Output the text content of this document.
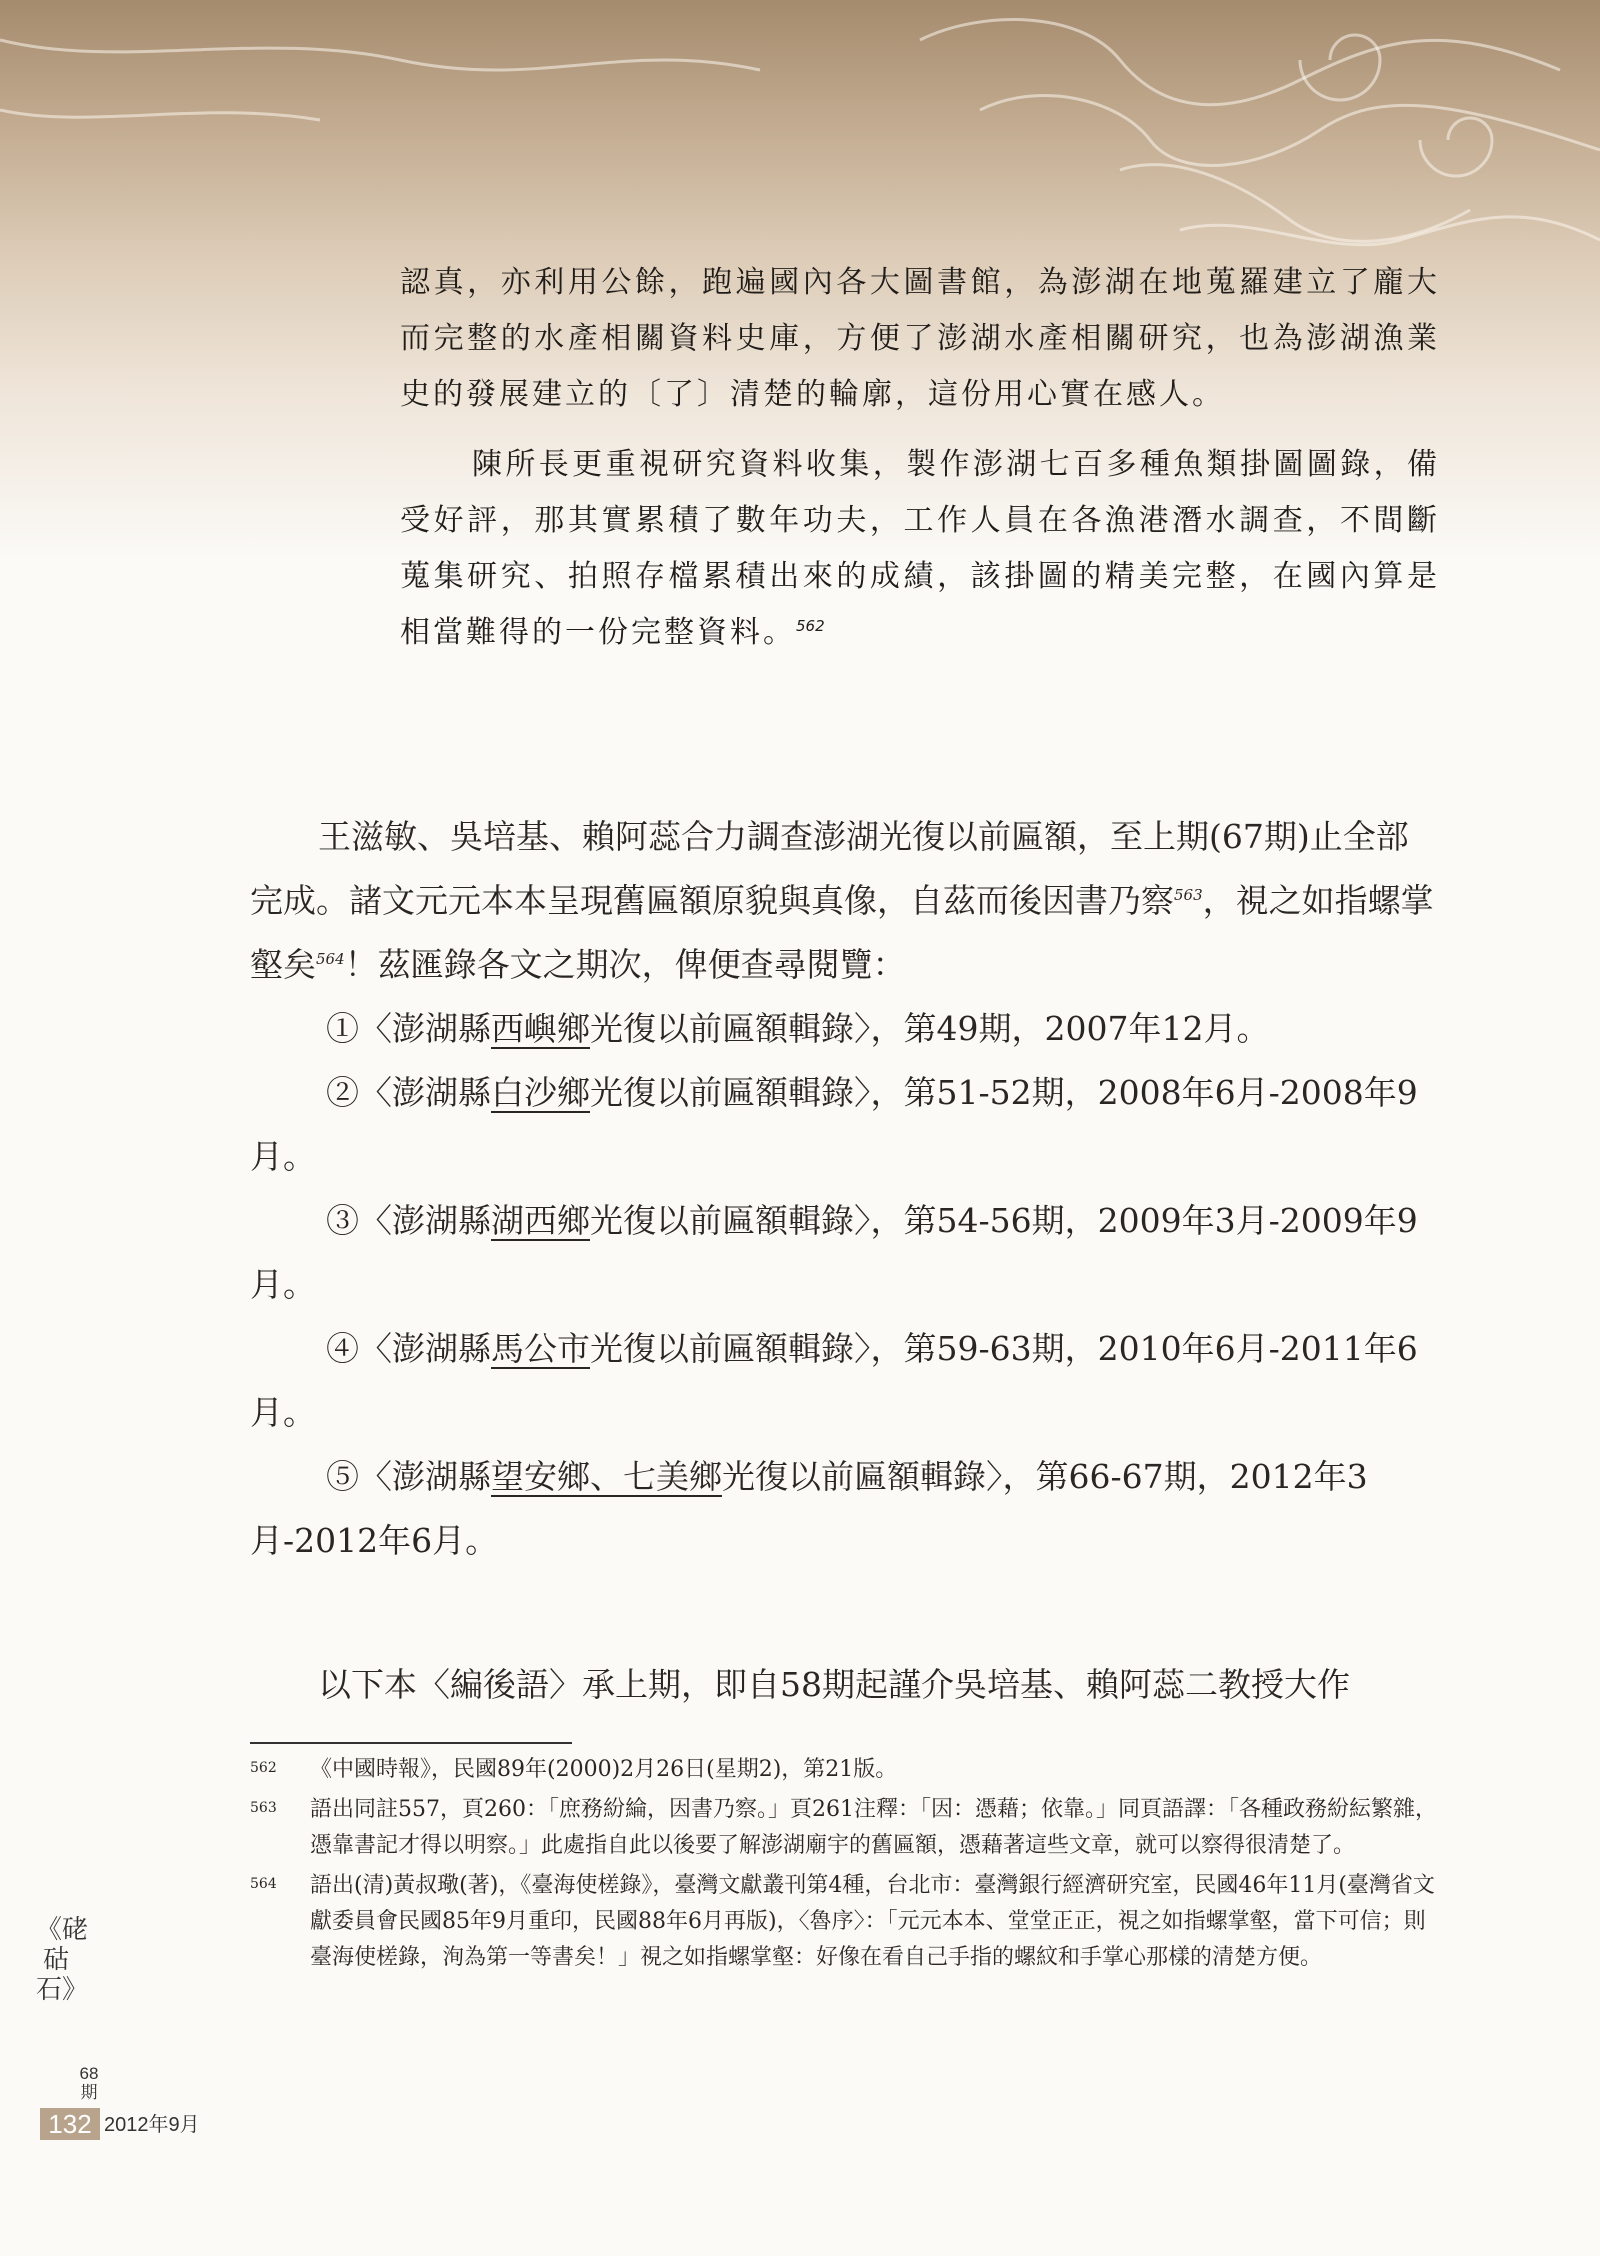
認真，亦利用公餘，跑遍國內各大圖書館，為澎湖在地蒐羅建立了龐大而完整的水產相關資料史庫，方便了澎湖水產相關研究，也為澎湖漁業史的發展建立的〔了〕清楚的輪廓，這份用心實在感人。

陳所長更重視研究資料收集，製作澎湖七百多種魚類掛圖圖錄，備受好評，那其實累積了數年功夫，工作人員在各漁港潛水調查，不間斷蒐集研究、拍照存檔累積出來的成績，該掛圖的精美完整，在國內算是相當難得的一份完整資料。$^{562}$

王滋敏、吳培基、賴阿蕊合力調查澎湖光復以前匾額，至上期(67期)止全部完成。諸文元元本本呈現舊匾額原貌與真像，自茲而後因書乃察$^{563}$，視之如指螺掌壑矣$^{564}$！茲匯錄各文之期次，俾便查尋閱覽：

①〈澎湖縣西嶼鄉光復以前匾額輯錄〉，第49期，2007年12月。

②〈澎湖縣白沙鄉光復以前匾額輯錄〉，第51-52期，2008年6月-2008年9月。

③〈澎湖縣湖西鄉光復以前匾額輯錄〉，第54-56期，2009年3月-2009年9月。

④〈澎湖縣馬公市光復以前匾額輯錄〉，第59-63期，2010年6月-2011年6月。

⑤〈澎湖縣望安鄉、七美鄉光復以前匾額輯錄〉，第66-67期，2012年3月-2012年6月。

以下本〈編後語〉承上期，即自58期起謹介吳培基、賴阿蕊二教授大作

562 《中國時報》，民國89年(2000)2月26日(星期2)，第21版。
563 語出同註557，頁260：「庶務紛綸，因書乃察。」頁261注釋：「因：憑藉；依靠。」同頁語譯：「各種政務紛紜繁雜，憑靠書記才得以明察。」此處指自此以後要了解澎湖廟宇的舊匾額，憑藉著這些文章，就可以察得很清楚了。
564 語出(清)黃叔璥(著)，《臺海使槎錄》，臺灣文獻叢刊第4種，台北市：臺灣銀行經濟研究室，民國46年11月(臺灣省文獻委員會民國85年9月重印，民國88年6月再版)，〈魯序〉：「元元本本、堂堂正正，視之如指螺掌壑，當下可信；則臺海使槎錄，洵為第一等書矣！」視之如指螺掌壑：好像在看自己手指的螺紋和手掌心那樣的清楚方便。
《硓𥑮石》
68期
132 2012年9月
